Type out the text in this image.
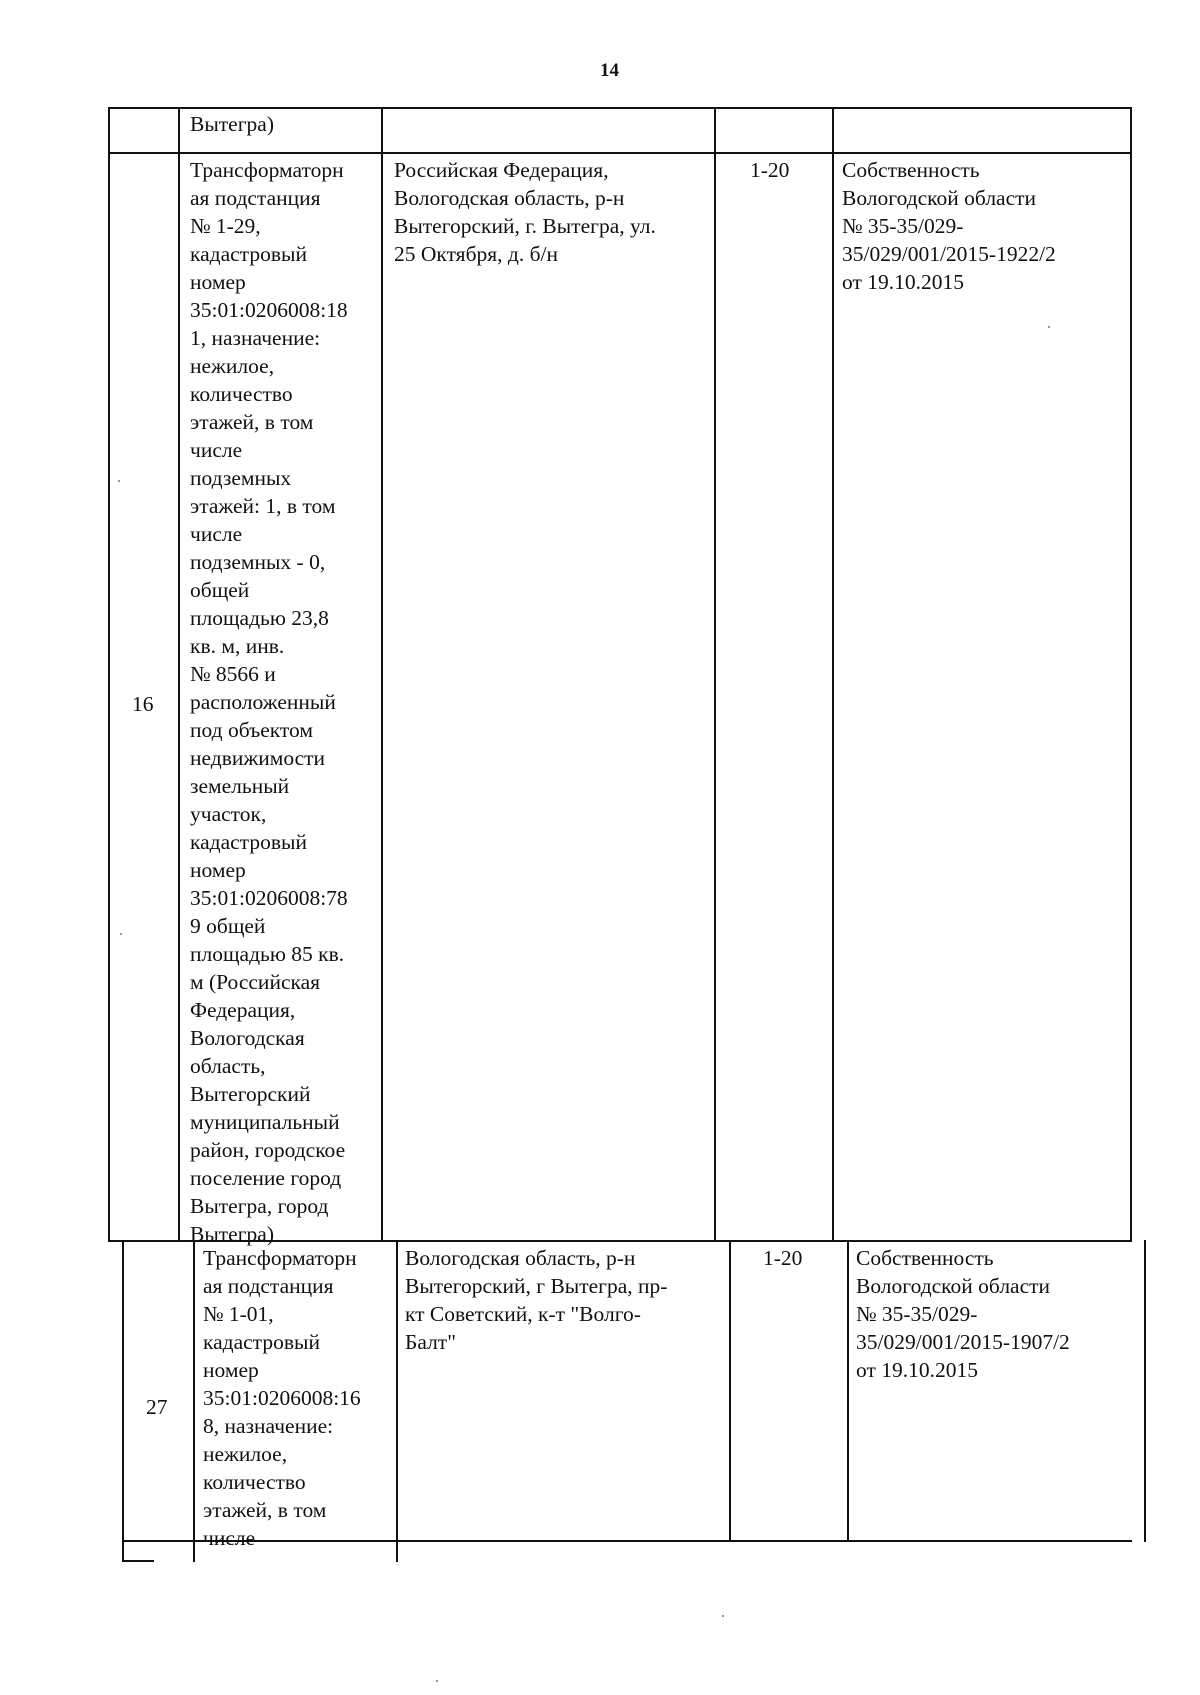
14
Вытегра)
16
Трансформаторн
ая подстанция
№ 1-29,
кадастровый
номер
35:01:0206008:18
1, назначение:
нежилое,
количество
этажей, в том
числе
подземных
этажей: 1, в том
числе
подземных - 0,
общей
площадью 23,8
кв. м, инв.
№ 8566 и
расположенный
под объектом
недвижимости
земельный
участок,
кадастровый
номер
35:01:0206008:78
9 общей
площадью 85 кв.
м (Российская
Федерация,
Вологодская
область,
Вытегорский
муниципальный
район, городское
поселение город
Вытегра, город
Вытегра)
Российская Федерация,
Вологодская область, р-н
Вытегорский, г. Вытегра, ул.
25 Октября, д. б/н
1-20	Собственность
Вологодской области
№ 35-35/029-
35/029/001/2015-1922/2
от 19.10.2015
27
Трансформаторн
ая подстанция
№ 1-01,
кадастровый
номер
35:01:0206008:16
8, назначение:
нежилое,
количество
этажей, в том
числе
Вологодская область, р-н
Вытегорский, г Вытегра, пр-
кт Советский, к-т "Волго-
Балт"
1-20	Собственность
Вологодской области
№ 35-35/029-
35/029/001/2015-1907/2
от 19.10.2015
